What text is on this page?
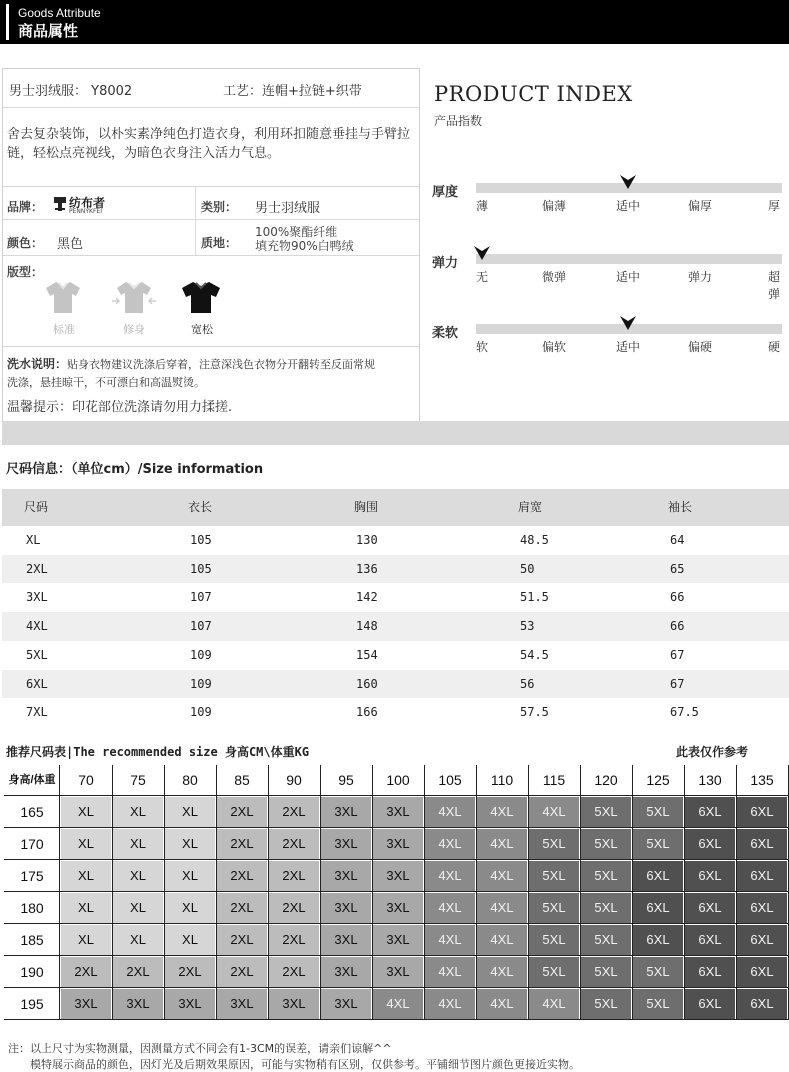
Goods Attribute
商品属性
男士羽绒服： Y8002	工艺：连帽+拉链+织带
舍去复杂装饰，以朴实素净纯色打造衣身，利用环扣随意垂挂与手臂拉链，轻松点亮视线，为暗色衣身注入活力气息。
品牌： 纺布者
PENNYKFEI	类别： 男士羽绒服
颜色： 黑色	质地：
100%聚酯纤维
填充物90%白鸭绒
版型：
标准	修身	宽松
洗水说明：贴身衣物建议洗涤后穿着，注意深浅色衣物分开翻转至反面常规
洗涤，悬挂晾干，不可漂白和高温熨烫。
温馨提示：印花部位洗涤请勿用力揉搓.
PRODUCT INDEX
产品指数
厚度
薄	偏薄	适中	偏厚	厚
弹力
无	微弹	适中	弹力	超弹
柔软
软	偏软	适中	偏硬	硬
尺码信息：（单位cm）/Size information
尺码	衣长	胸围	肩宽	袖长
XL	105	130	48.5	64
2XL	105	136	50	65
3XL	107	142	51.5	66
4XL	107	148	53	66
5XL	109	154	54.5	67
6XL	109	160	56	67
7XL	109	166	57.5	67.5
推荐尺码表|The recommended size 身高CM\体重KG	此表仅作参考
身高/体重	70	75	80	85	90	95	100	105	110	115	120	125	130	135
165	XL	XL	XL	2XL	2XL	3XL	3XL	4XL	4XL	4XL	5XL	5XL	6XL	6XL
170	XL	XL	XL	2XL	2XL	3XL	3XL	4XL	4XL	5XL	5XL	5XL	6XL	6XL
175	XL	XL	XL	2XL	2XL	3XL	3XL	4XL	4XL	5XL	5XL	6XL	6XL	6XL
180	XL	XL	XL	2XL	2XL	3XL	3XL	4XL	4XL	5XL	5XL	6XL	6XL	6XL
185	XL	XL	XL	2XL	2XL	3XL	3XL	4XL	4XL	5XL	5XL	6XL	6XL	6XL
190	2XL	2XL	2XL	2XL	2XL	3XL	3XL	4XL	4XL	5XL	5XL	5XL	6XL	6XL
195	3XL	3XL	3XL	3XL	3XL	3XL	4XL	4XL	4XL	4XL	5XL	5XL	6XL	6XL
注：以上尺寸为实物测量，因测量方式不同会有1-3CM的误差，请亲们谅解^^
模特展示商品的颜色，因灯光及后期效果原因，可能与实物稍有区别，仅供参考。平铺细节图片颜色更接近实物。
